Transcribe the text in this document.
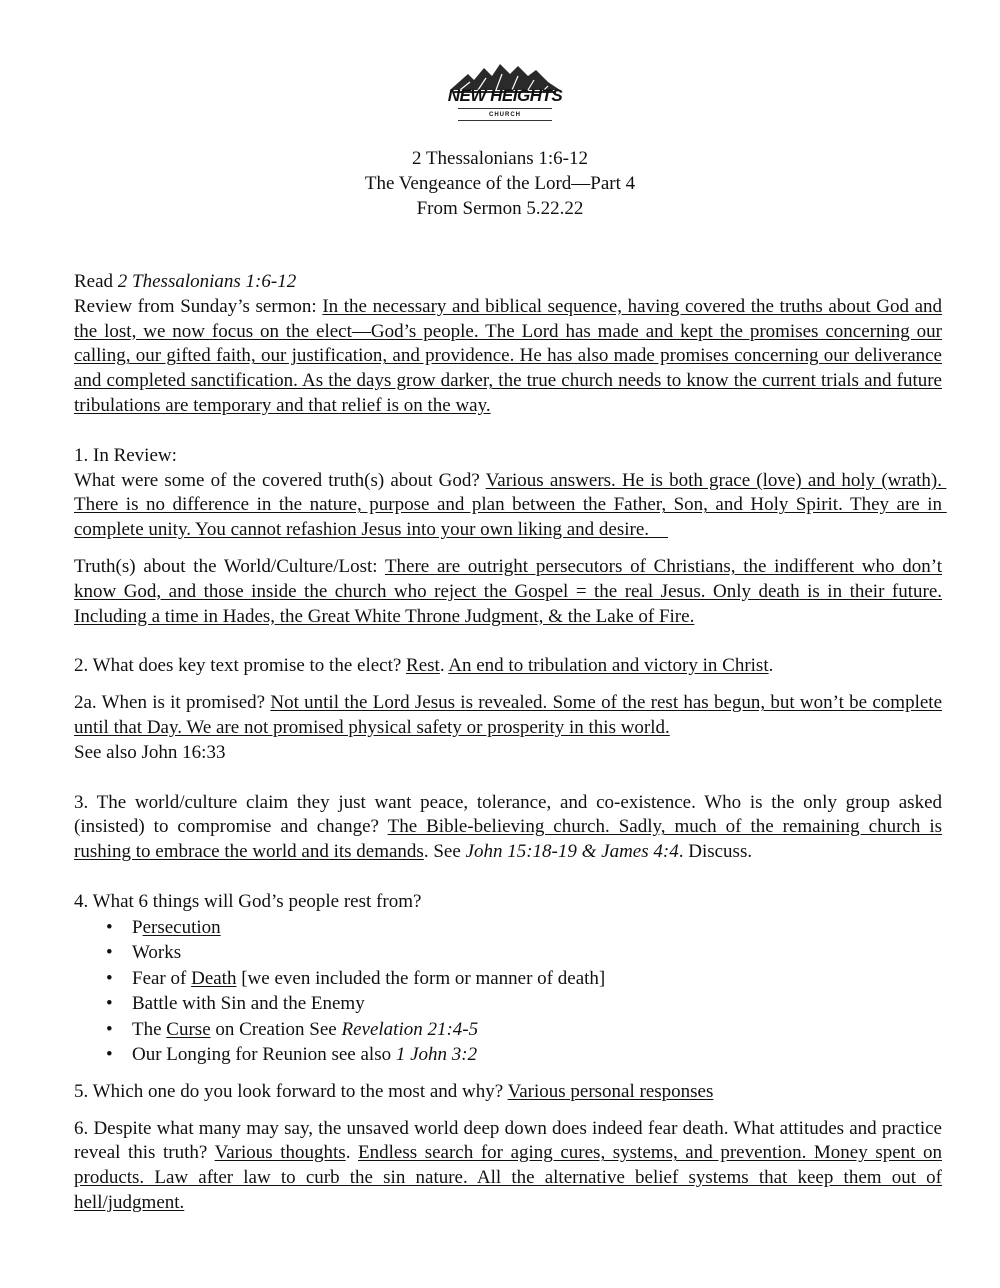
NEW HEIGHTS
CHURCH
2 Thessalonians 1:6-12
The Vengeance of the Lord—Part 4
From Sermon 5.22.22

Read 2 Thessalonians 1:6-12

Review from Sunday’s sermon: In the necessary and biblical sequence, having covered the truths about God and the lost, we now focus on the elect—God’s people. The Lord has made and kept the promises concerning our calling, our gifted faith, our justification, and providence. He has also made promises concerning our deliverance and completed sanctification. As the days grow darker, the true church needs to know the current trials and future tribulations are temporary and that relief is on the way.

1. In Review:

What were some of the covered truth(s) about God? Various answers. He is both grace (love) and holy (wrath). There is no difference in the nature, purpose and plan between the Father, Son, and Holy Spirit. They are in complete unity. You cannot refashion Jesus into your own liking and desire.

Truth(s) about the World/Culture/Lost: There are outright persecutors of Christians, the indifferent who don’t know God, and those inside the church who reject the Gospel = the real Jesus. Only death is in their future. Including a time in Hades, the Great White Throne Judgment, & the Lake of Fire.

2. What does key text promise to the elect? Rest. An end to tribulation and victory in Christ.

2a. When is it promised? Not until the Lord Jesus is revealed. Some of the rest has begun, but won’t be complete until that Day. We are not promised physical safety or prosperity in this world.

See also John 16:33

3. The world/culture claim they just want peace, tolerance, and co-existence. Who is the only group asked (insisted) to compromise and change? The Bible-believing church. Sadly, much of the remaining church is rushing to embrace the world and its demands. See John 15:18-19 & James 4:4. Discuss.

4. What 6 things will God’s people rest from?

• Persecution
• Works
• Fear of Death [we even included the form or manner of death]
• Battle with Sin and the Enemy
• The Curse on Creation See Revelation 21:4-5
• Our Longing for Reunion see also 1 John 3:2

5. Which one do you look forward to the most and why? Various personal responses

6. Despite what many may say, the unsaved world deep down does indeed fear death. What attitudes and practice reveal this truth? Various thoughts. Endless search for aging cures, systems, and prevention. Money spent on products. Law after law to curb the sin nature. All the alternative belief systems that keep them out of hell/judgment.
